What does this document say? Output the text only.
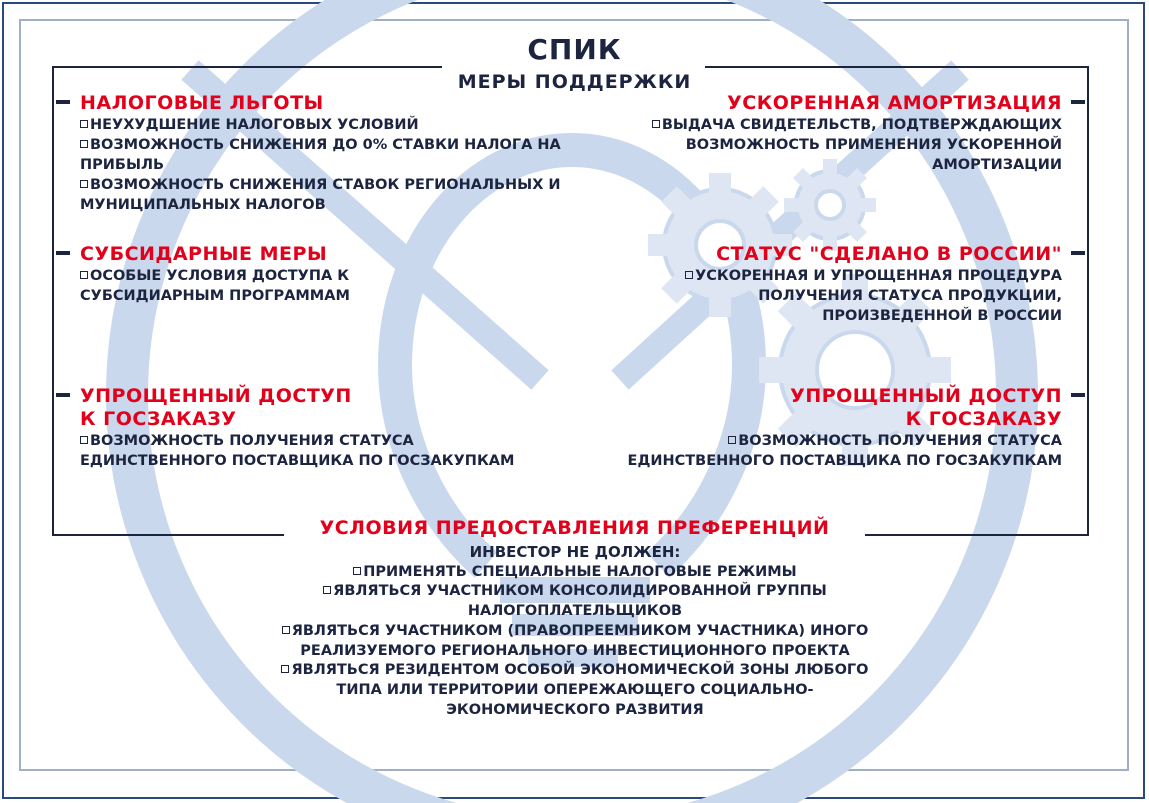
СПИК
МЕРЫ ПОДДЕРЖКИ
НАЛОГОВЫЕ ЛЬГОТЫ
НЕУХУДШЕНИЕ НАЛОГОВЫХ УСЛОВИЙ
ВОЗМОЖНОСТЬ СНИЖЕНИЯ ДО 0% СТАВКИ НАЛОГА НА ПРИБЫЛЬ
ВОЗМОЖНОСТЬ СНИЖЕНИЯ СТАВОК РЕГИОНАЛЬНЫХ И МУНИЦИПАЛЬНЫХ НАЛОГОВ
СУБСИДАРНЫЕ МЕРЫ
ОСОБЫЕ УСЛОВИЯ ДОСТУПА К СУБСИДИАРНЫМ ПРОГРАММАМ
УПРОЩЕННЫЙ ДОСТУП
К ГОСЗАКАЗУ
ВОЗМОЖНОСТЬ ПОЛУЧЕНИЯ СТАТУСА ЕДИНСТВЕННОГО ПОСТАВЩИКА ПО ГОСЗАКУПКАМ
УСКОРЕННАЯ АМОРТИЗАЦИЯ
ВЫДАЧА СВИДЕТЕЛЬСТВ, ПОДТВЕРЖДАЮЩИХ ВОЗМОЖНОСТЬ ПРИМЕНЕНИЯ УСКОРЕННОЙ АМОРТИЗАЦИИ
СТАТУС "СДЕЛАНО В РОССИИ"
УСКОРЕННАЯ И УПРОЩЕННАЯ ПРОЦЕДУРА ПОЛУЧЕНИЯ СТАТУСА ПРОДУКЦИИ, ПРОИЗВЕДЕННОЙ В РОССИИ
УПРОЩЕННЫЙ ДОСТУП
К ГОСЗАКАЗУ
ВОЗМОЖНОСТЬ ПОЛУЧЕНИЯ СТАТУСА ЕДИНСТВЕННОГО ПОСТАВЩИКА ПО ГОСЗАКУПКАМ
УСЛОВИЯ ПРЕДОСТАВЛЕНИЯ ПРЕФЕРЕНЦИЙ
ИНВЕСТОР НЕ ДОЛЖЕН:
ПРИМЕНЯТЬ СПЕЦИАЛЬНЫЕ НАЛОГОВЫЕ РЕЖИМЫ
ЯВЛЯТЬСЯ УЧАСТНИКОМ КОНСОЛИДИРОВАННОЙ ГРУППЫ НАЛОГОПЛАТЕЛЬЩИКОВ
ЯВЛЯТЬСЯ УЧАСТНИКОМ (ПРАВОПРЕЕМНИКОМ УЧАСТНИКА) ИНОГО РЕАЛИЗУЕМОГО РЕГИОНАЛЬНОГО ИНВЕСТИЦИОННОГО ПРОЕКТА
ЯВЛЯТЬСЯ РЕЗИДЕНТОМ ОСОБОЙ ЭКОНОМИЧЕСКОЙ ЗОНЫ ЛЮБОГО ТИПА ИЛИ ТЕРРИТОРИИ ОПЕРЕЖАЮЩЕГО СОЦИАЛЬНО-ЭКОНОМИЧЕСКОГО РАЗВИТИЯ
